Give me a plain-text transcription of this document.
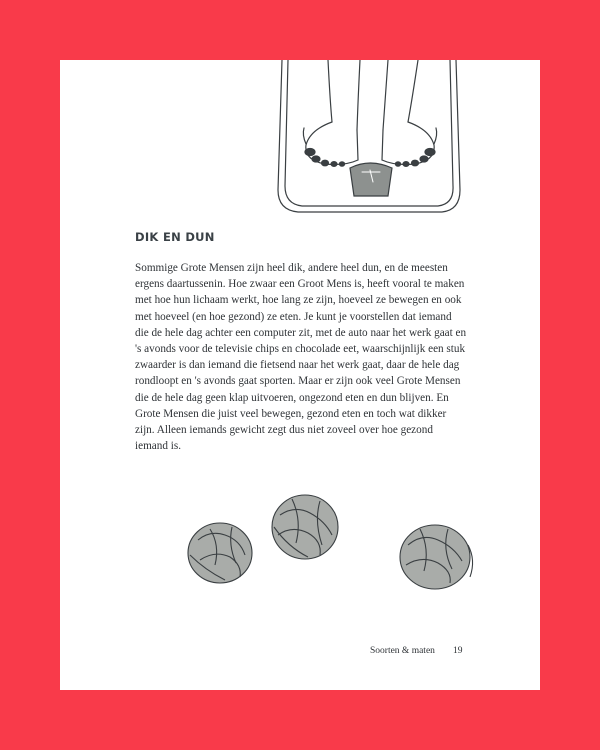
DIK EN DUN

Sommige Grote Mensen zijn heel dik, andere heel dun, en de meesten ergens daartussenin. Hoe zwaar een Groot Mens is, heeft vooral te maken met hoe hun lichaam werkt, hoe lang ze zijn, hoeveel ze bewegen en ook met hoeveel (en hoe gezond) ze eten. Je kunt je voorstellen dat iemand die de hele dag achter een computer zit, met de auto naar het werk gaat en 's avonds voor de televisie chips en chocolade eet, waarschijnlijk een stuk zwaarder is dan iemand die fietsend naar het werk gaat, daar de hele dag rondloopt en 's avonds gaat sporten. Maar er zijn ook veel Grote Mensen die de hele dag geen klap uitvoeren, ongezond eten en dun blijven. En Grote Mensen die juist veel bewegen, gezond eten en toch wat dikker zijn. Alleen iemands gewicht zegt dus niet zoveel over hoe gezond iemand is.

Soorten & maten 19
